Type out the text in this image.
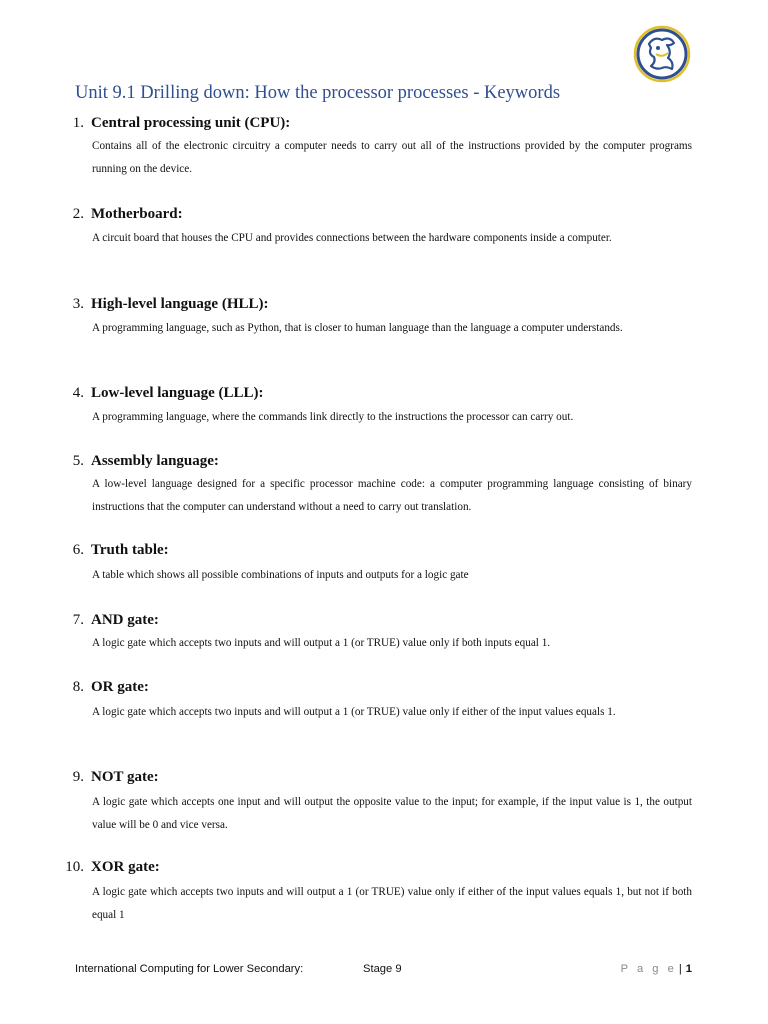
Unit 9.1 Drilling down: How the processor processes - Keywords
1. Central processing unit (CPU):
Contains all of the electronic circuitry a computer needs to carry out all of the instructions provided by the computer programs running on the device.
2. Motherboard:
A circuit board that houses the CPU and provides connections between the hardware components inside a computer.
3. High-level language (HLL):
A programming language, such as Python, that is closer to human language than the language a computer understands.
4. Low-level language (LLL):
A programming language, where the commands link directly to the instructions the processor can carry out.
5. Assembly language:
A low-level language designed for a specific processor machine code: a computer programming language consisting of binary instructions that the computer can understand without a need to carry out translation.
6. Truth table:
A table which shows all possible combinations of inputs and outputs for a logic gate
7. AND gate:
A logic gate which accepts two inputs and will output a 1 (or TRUE) value only if both inputs equal 1.
8. OR gate:
A logic gate which accepts two inputs and will output a 1 (or TRUE) value only if either of the input values equals 1.
9. NOT gate:
A logic gate which accepts one input and will output the opposite value to the input; for example, if the input value is 1, the output value will be 0 and vice versa.
10. XOR gate:
A logic gate which accepts two inputs and will output a 1 (or TRUE) value only if either of the input values equals 1, but not if both equal 1
International Computing for Lower Secondary:	Stage 9	P a g e | 1
